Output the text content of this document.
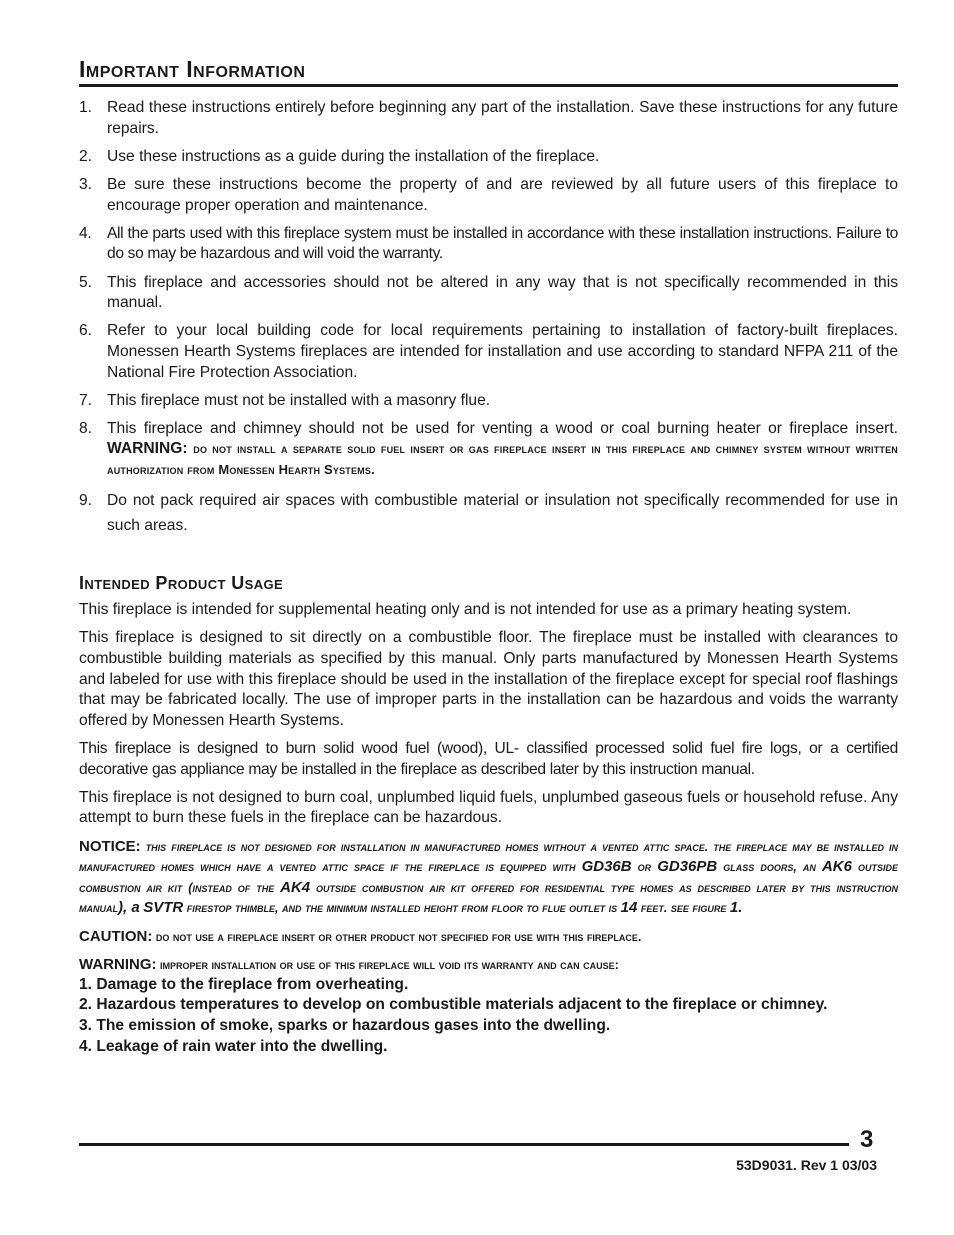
Important Information
1. Read these instructions entirely before beginning any part of the installation. Save these instructions for any future repairs.
2. Use these instructions as a guide during the installation of the fireplace.
3. Be sure these instructions become the property of and are reviewed by all future users of this fireplace to encourage proper operation and maintenance.
4. All the parts used with this fireplace system must be installed in accordance with these installation instructions. Failure to do so may be hazardous and will void the warranty.
5. This fireplace and accessories should not be altered in any way that is not specifically recommended in this manual.
6. Refer to your local building code for local requirements pertaining to installation of factory-built fireplaces. Monessen Hearth Systems fireplaces are intended for installation and use according to standard NFPA 211 of the National Fire Protection Association.
7. This fireplace must not be installed with a masonry flue.
8. This fireplace and chimney should not be used for venting a wood or coal burning heater or fireplace insert. WARNING: do not install a separate solid fuel insert or gas fireplace insert in this fireplace and chimney system without written authorization from Monessen Hearth Systems.
9. Do not pack required air spaces with combustible material or insulation not specifically recommended for use in such areas.
Intended Product Usage

This fireplace is intended for supplemental heating only and is not intended for use as a primary heating system.

This fireplace is designed to sit directly on a combustible floor. The fireplace must be installed with clearances to combustible building materials as specified by this manual. Only parts manufactured by Monessen Hearth Systems and labeled for use with this fireplace should be used in the installation of the fireplace except for special roof flashings that may be fabricated locally. The use of improper parts in the installation can be hazardous and voids the warranty offered by Monessen Hearth Systems.

This fireplace is designed to burn solid wood fuel (wood), UL- classified processed solid fuel fire logs, or a certified decorative gas appliance may be installed in the fireplace as described later by this instruction manual.

This fireplace is not designed to burn coal, unplumbed liquid fuels, unplumbed gaseous fuels or household refuse. Any attempt to burn these fuels in the fireplace can be hazardous.

NOTICE: this fireplace is not designed for installation in manufactured homes without a vented attic space. the fireplace may be installed in manufactured homes which have a vented attic space if the fireplace is equipped with GD36B or GD36PB glass doors, an AK6 outside combustion air kit (instead of the AK4 outside combustion air kit offered for residential type homes as described later by this instruction manual), a SVTR firestop thimble, and the minimum installed height from floor to flue outlet is 14 feet. see figure 1.

CAUTION: do not use a fireplace insert or other product not specified for use with this fireplace.

WARNING: improper installation or use of this fireplace will void its warranty and can cause:

1. Damage to the fireplace from overheating.
2. Hazardous temperatures to develop on combustible materials adjacent to the fireplace or chimney.
3. The emission of smoke, sparks or hazardous gases into the dwelling.
4. Leakage of rain water into the dwelling.
3
53D9031. Rev 1 03/03
